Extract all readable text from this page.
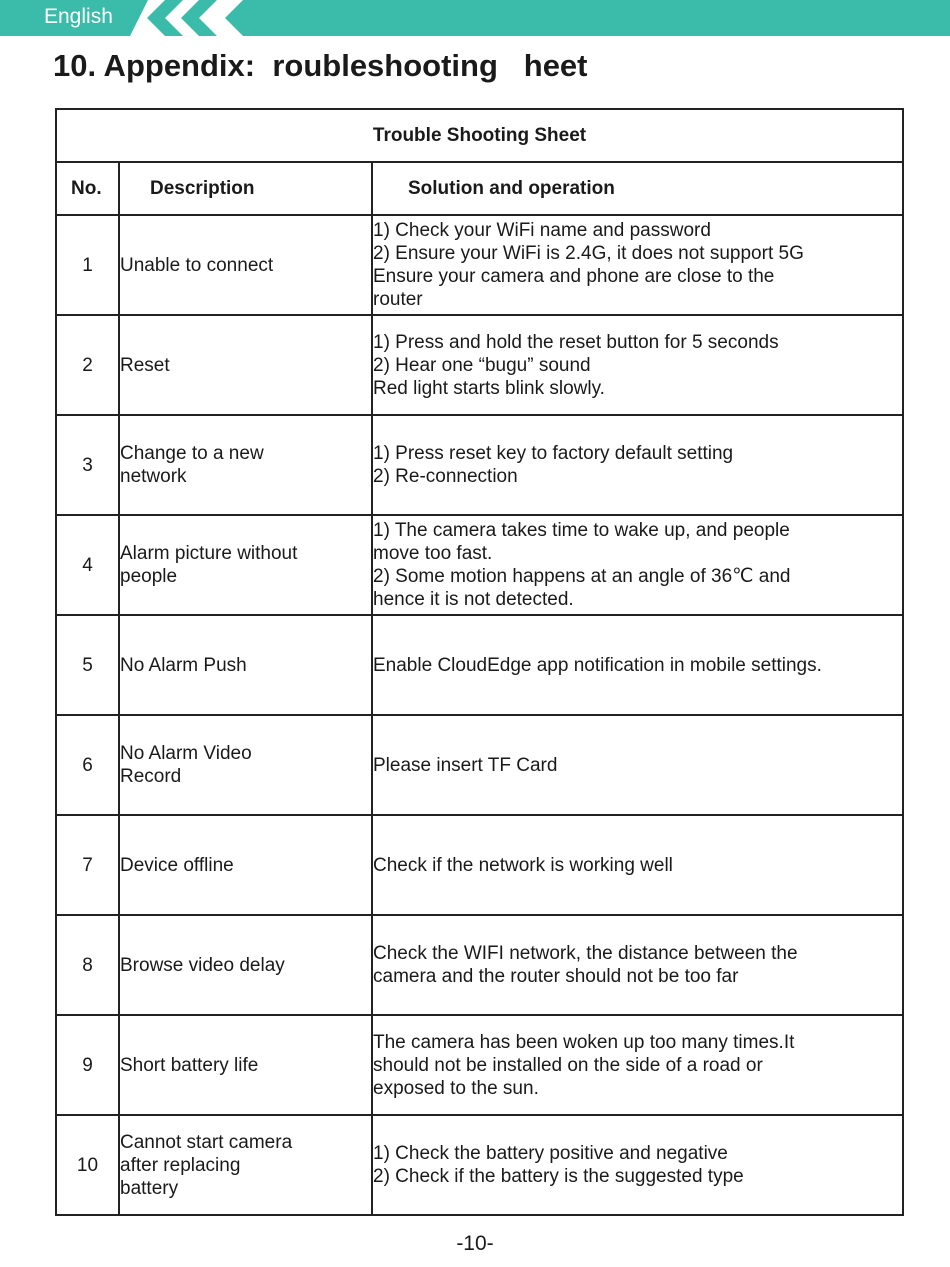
English
10. Appendix:  roubleshooting   heet
Trouble Shooting Sheet		
No.	Description	Solution and operation
1	Unable to connect	1) Check your WiFi name and password
2) Ensure your WiFi is 2.4G, it does not support 5G
Ensure your camera and phone are close to the
router

2	Reset	1) Press and hold the reset button for 5 seconds
2) Hear one “bugu” sound
Red light starts blink slowly.

3	Change to a new
network	1) Press reset key to factory default setting
2) Re-connection

4	Alarm picture without
people	1) The camera takes time to wake up, and people
move too fast.
2) Some motion happens at an angle of 36℃ and
hence it is not detected.

5	No Alarm Push	Enable CloudEdge app notification in mobile settings.

6	No Alarm Video
Record	Please insert TF Card

7	Device offline	Check if the network is working well

8	Browse video delay	Check the WIFI network, the distance between the
camera and the router should not be too far

9	Short battery life	The camera has been woken up too many times.It
should not be installed on the side of a road or
exposed to the sun.

10	Cannot start camera
after replacing
battery	1) Check the battery positive and negative
2) Check if the battery is the suggested type
-10-
